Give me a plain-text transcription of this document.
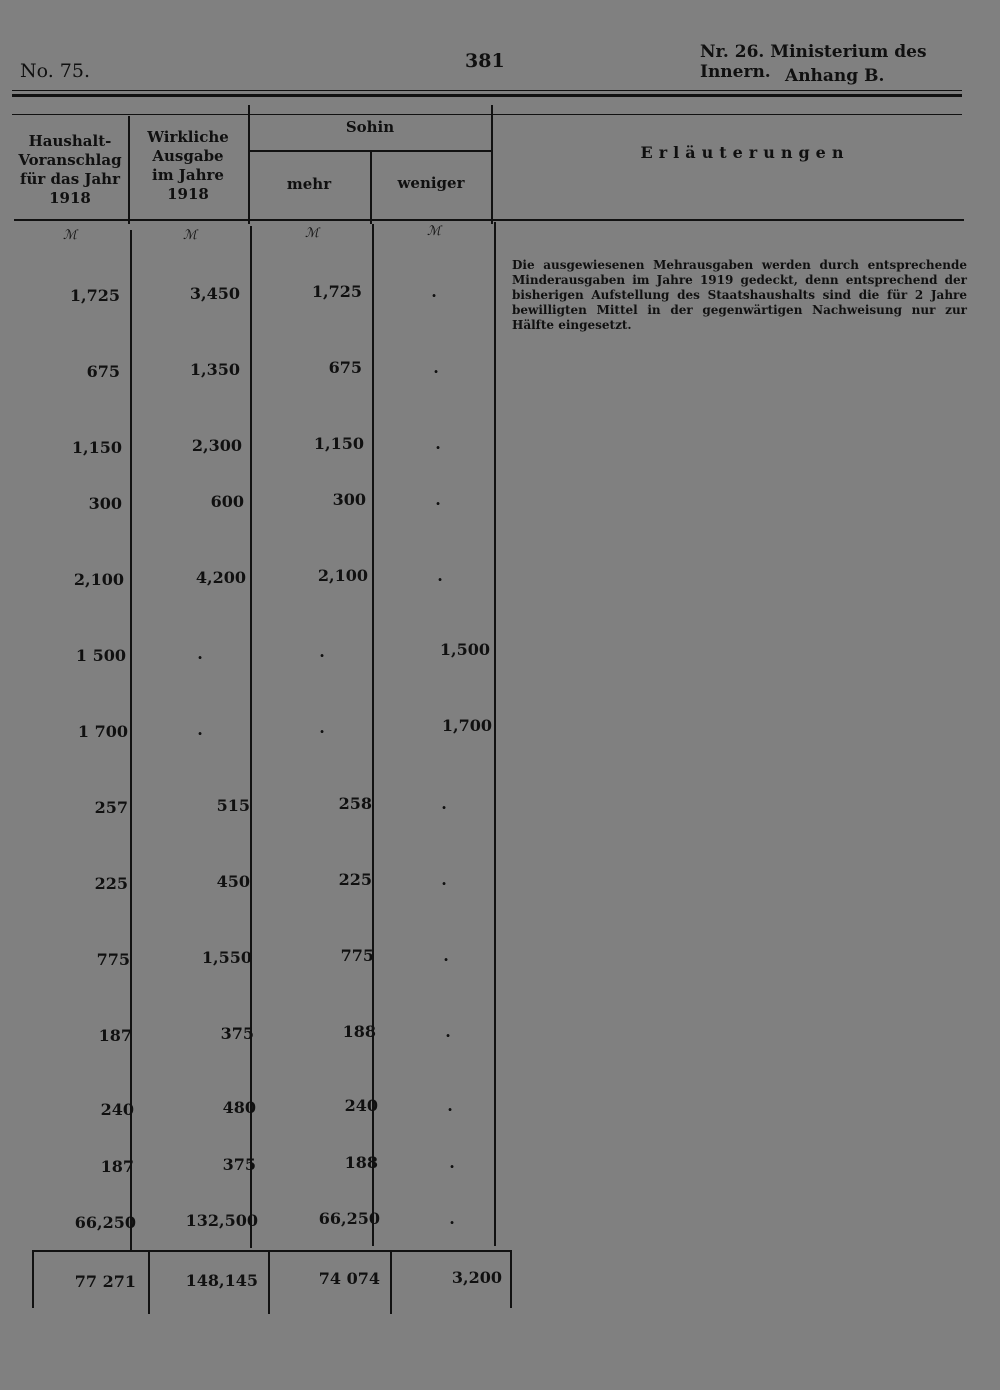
No. 75.	381	Nr. 26. Ministerium des Innern. Anhang B.
Haushalt-
Voranschlag
für das Jahr
1918
Wirkliche
Ausgabe
im Jahre
1918
Sohin
mehr	weniger
Erläuterungen
ℳ	ℳ	ℳ	ℳ
1,725	3,450	1,725	.
675	1,350	675	.
1,150	2,300	1,150	.
300	600	300	.
2,100	4,200	2,100	.
1 500	.	.	1,500
1 700	.	.	1,700
257	515	258	.
225	450	225	.
775	1,550	775	.
187	375	188	.
240	480	240	.
187	375	188	.
66,250	132,500	66,250	.
77 271	148,145	74 074	3,200
Die ausgewiesenen Mehrausgaben werden durch entsprechende Minderausgaben im Jahre 1919 gedeckt, denn entsprechend der bisherigen Aufstellung des Staatshaushalts sind die für 2 Jahre bewilligten Mittel in der gegenwärtigen Nachweisung nur zur Hälfte eingesetzt.
